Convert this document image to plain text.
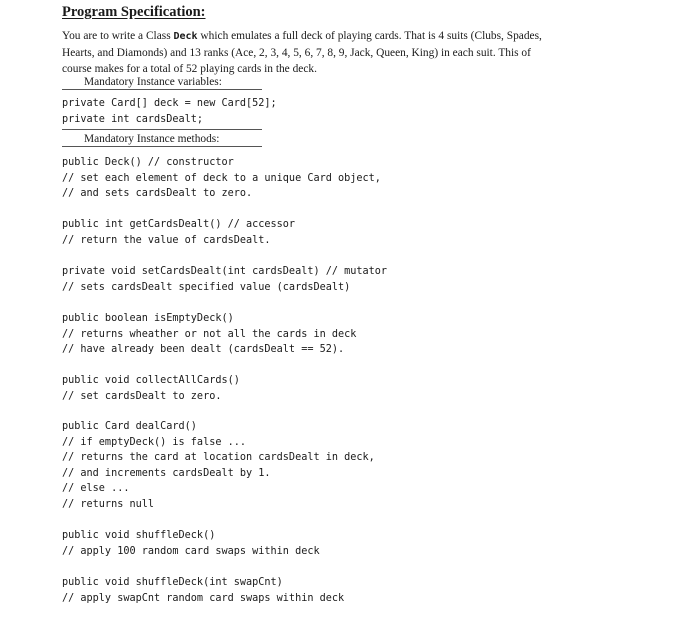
Program Specification:
You are to write a Class Deck which emulates a full deck of playing cards. That is 4 suits (Clubs, Spades,
Hearts, and Diamonds) and 13 ranks (Ace, 2, 3, 4, 5, 6, 7, 8, 9, Jack, Queen, King) in each suit. This of
course makes for a total of 52 playing cards in the deck.
Mandatory Instance variables:
private Card[] deck = new Card[52];
private int cardsDealt;
Mandatory Instance methods:
public Deck() // constructor
// set each element of deck to a unique Card object,
// and sets cardsDealt to zero.
public int getCardsDealt() // accessor
// return the value of cardsDealt.
private void setCardsDealt(int cardsDealt) // mutator
// sets cardsDealt specified value (cardsDealt)
public boolean isEmptyDeck()
// returns wheather or not all the cards in deck
// have already been dealt (cardsDealt == 52).
public void collectAllCards()
// set cardsDealt to zero.
public Card dealCard()
// if emptyDeck() is false ...
// returns the card at location cardsDealt in deck,
// and increments cardsDealt by 1.
// else ...
// returns null
public void shuffleDeck()
// apply 100 random card swaps within deck
public void shuffleDeck(int swapCnt)
// apply swapCnt random card swaps within deck
